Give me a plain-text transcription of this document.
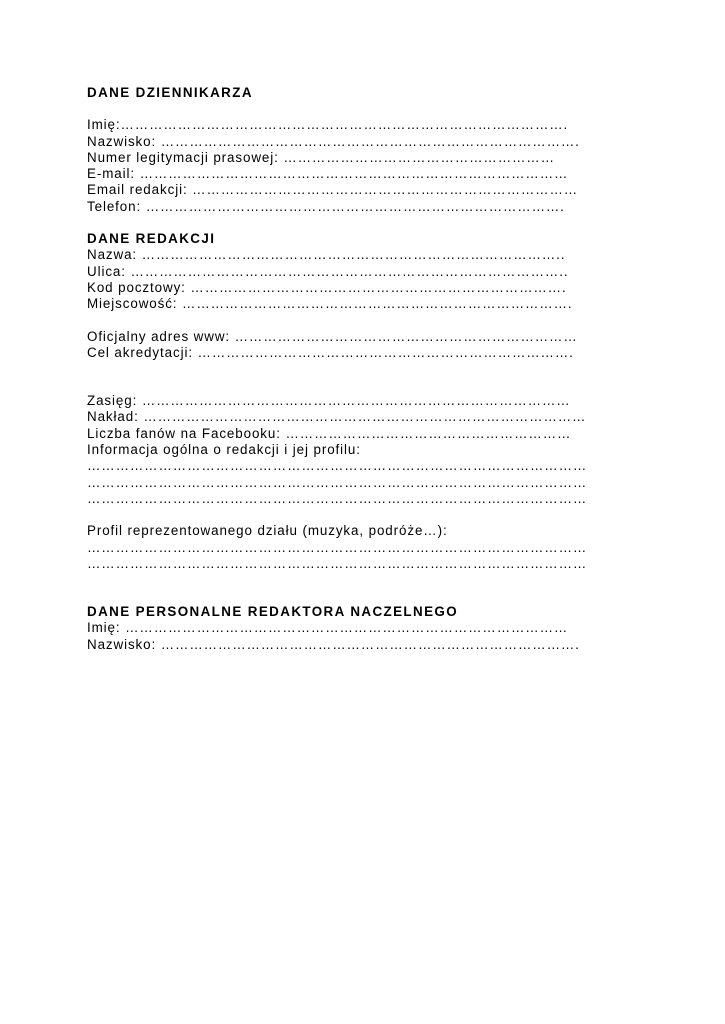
DANE DZIENNIKARZA
Imię:………………………………………………………………………………….
Nazwisko: …………………………………………………………………………….
Numer legitymacji prasowej: …………………………………………………
E-mail: ………………………………………………………………………………
Email redakcji: ………………………………………………………………………
Telefon: …………………………………………………………………………….
DANE REDAKCJI
Nazwa: ……………………………………………………………………………..
Ulica: ………………………………………………………………………………..
Kod pocztowy: …………………………………………………………………….
Miejscowość: ……………………………………………………………………….
Oficjalny adres www: ………………………………………………………………
Cel akredytacji: …………………………………………………………………….
Zasięg: ………………………………………………………………………………
Nakład: …………………………………………………………………………………
Liczba fanów na Facebooku: ……………………………………………………
Informacja ogólna o redakcji i jej profilu:
……………………………………………………………………………………………
……………………………………………………………………………………………
……………………………………………………………………………………………
Profil reprezentowanego działu (muzyka, podróże…):
……………………………………………………………………………………………
……………………………………………………………………………………………
DANE PERSONALNE REDAKTORA NACZELNEGO
Imię: …………………………………………………………………………………
Nazwisko: …………………………………………………………………………….
